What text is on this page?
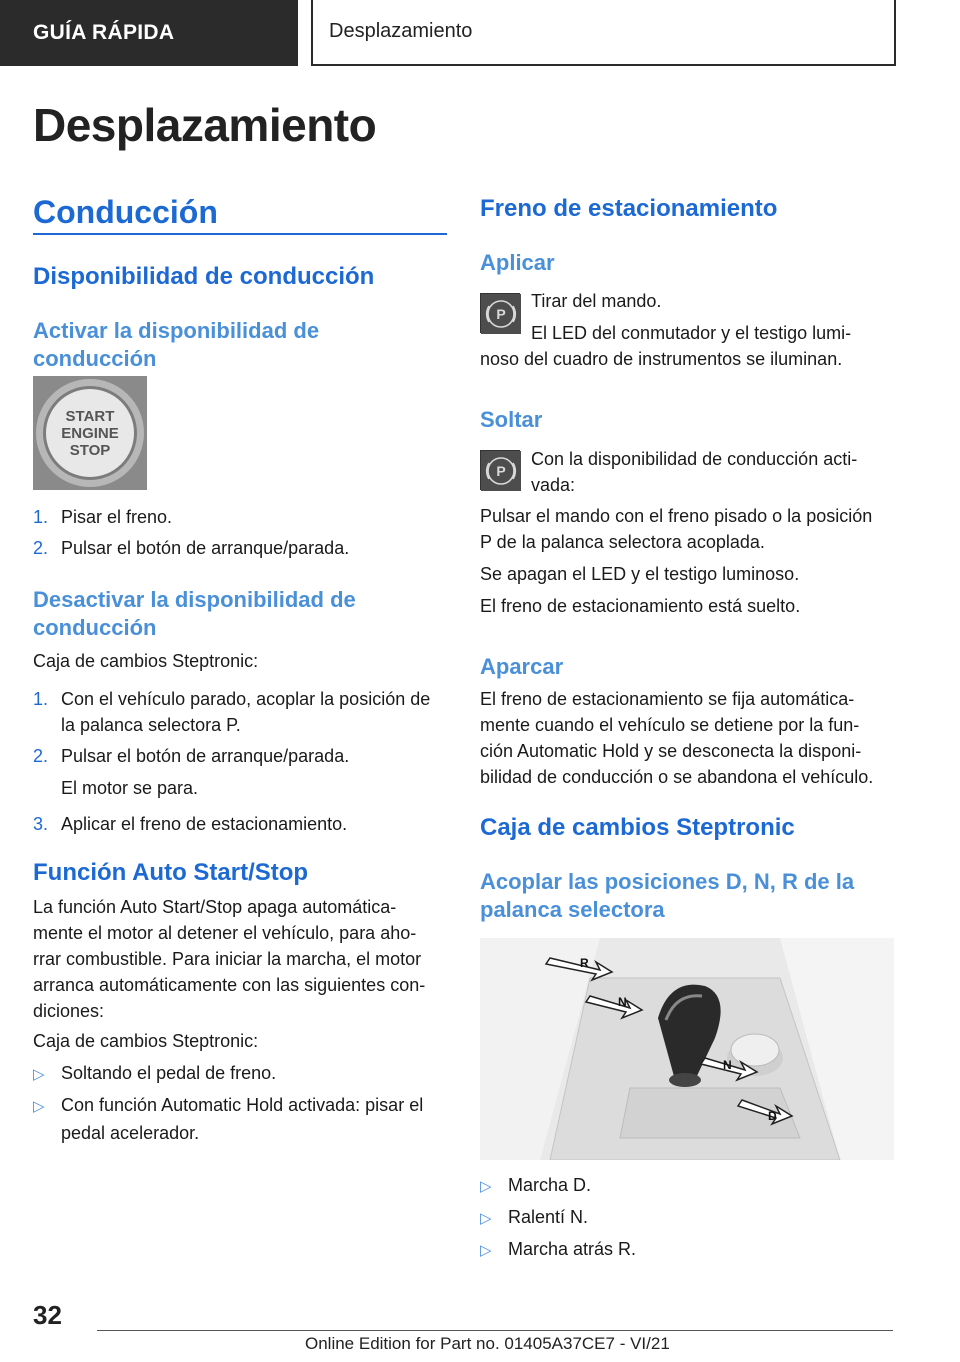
GUÍA RÁPIDA	Desplazamiento
Desplazamiento
Conducción
Disponibilidad de conducción
Activar la disponibilidad de
conducción
START
ENGINE
STOP
1. Pisar el freno.
2. Pulsar el botón de arranque/parada.
Desactivar la disponibilidad de
conducción
Caja de cambios Steptronic:
1. Con el vehículo parado, acoplar la posición de
la palanca selectora P.
2. Pulsar el botón de arranque/parada.
El motor se para.
3. Aplicar el freno de estacionamiento.
Función Auto Start/Stop
La función Auto Start/Stop apaga automática-
mente el motor al detener el vehículo, para aho-
rrar combustible. Para iniciar la marcha, el motor
arranca automáticamente con las siguientes con-
diciones:
Caja de cambios Steptronic:
▷ Soltando el pedal de freno.
▷ Con función Automatic Hold activada: pisar el
pedal acelerador.
Freno de estacionamiento
Aplicar
P
Tirar del mando.
El LED del conmutador y el testigo lumi-
noso del cuadro de instrumentos se iluminan.
Soltar
P
Con la disponibilidad de conducción acti-
vada:
Pulsar el mando con el freno pisado o la posición
P de la palanca selectora acoplada.
Se apagan el LED y el testigo luminoso.
El freno de estacionamiento está suelto.
Aparcar
El freno de estacionamiento se fija automática-
mente cuando el vehículo se detiene por la fun-
ción Automatic Hold y se desconecta la disponi-
bilidad de conducción o se abandona el vehículo.
Caja de cambios Steptronic
Acoplar las posiciones D, N, R de la
palanca selectora
R
N
N
D
▷ Marcha D.
▷ Ralentí N.
▷ Marcha atrás R.
32
Online Edition for Part no. 01405A37CE7 - VI/21
